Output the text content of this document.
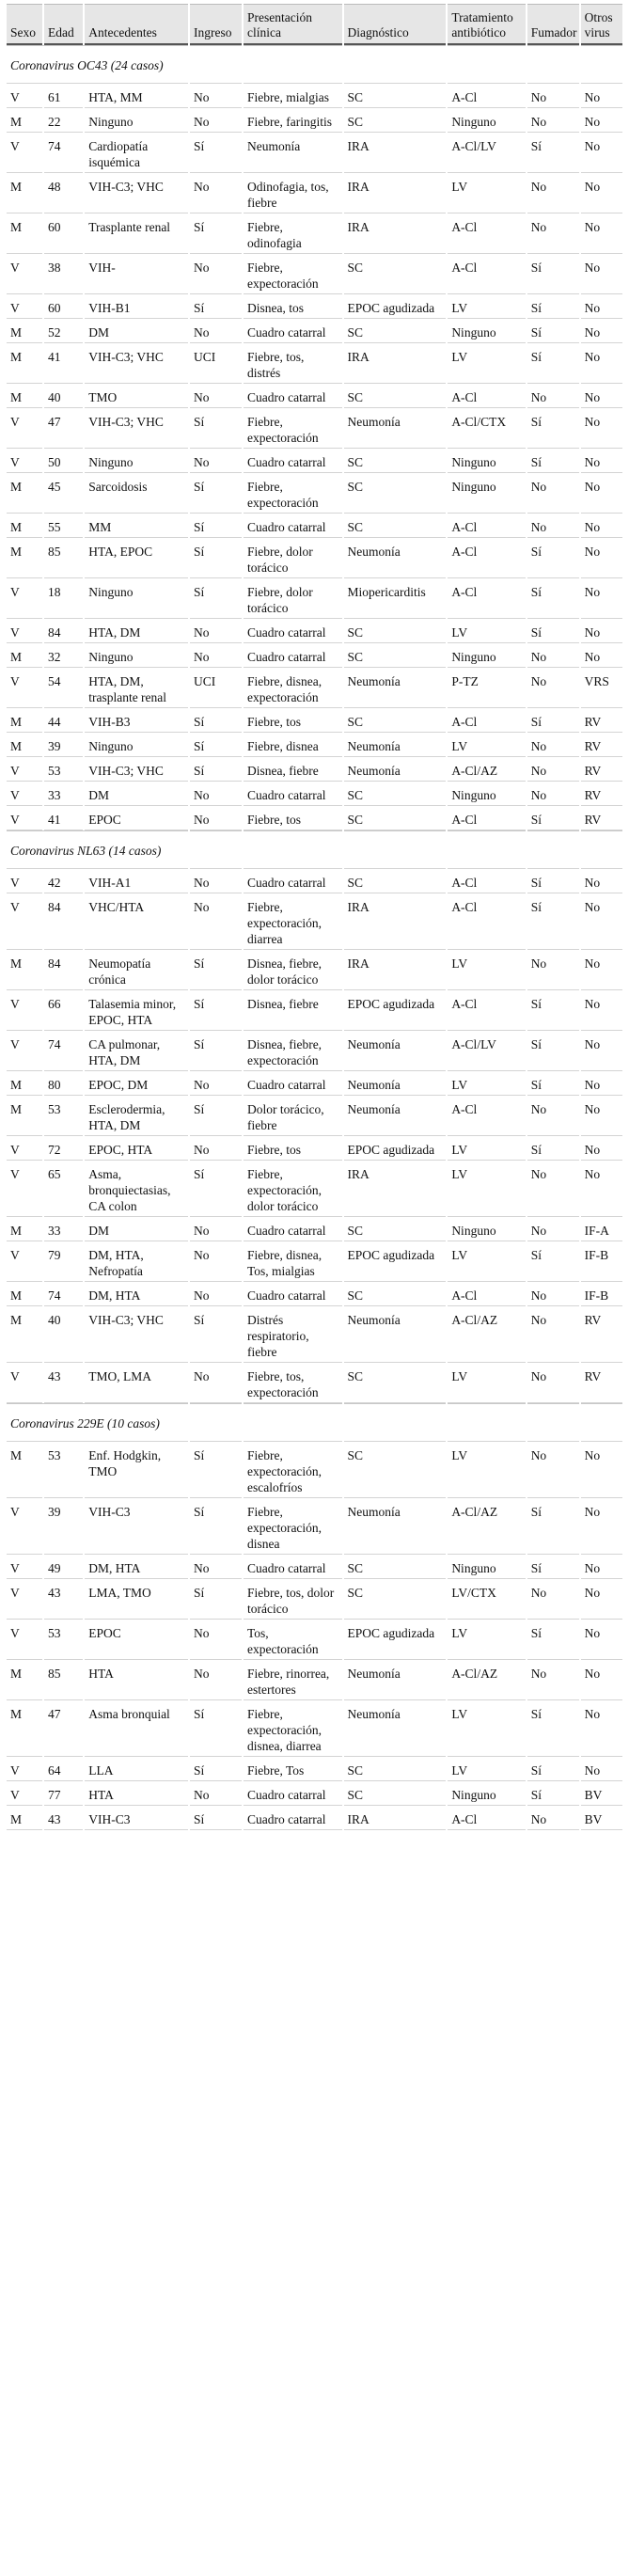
Sexo	Edad	Antecedentes	Ingreso	Presentación clínica	Diagnóstico	Tratamiento antibiótico	Fumador	Otros virus
Coronavirus OC43 (24 casos)								
V	61	HTA, MM	No	Fiebre, mialgias	SC	A-Cl	No	No
M	22	Ninguno	No	Fiebre, faringitis	SC	Ninguno	No	No
V	74	Cardiopatía isquémica	Sí	Neumonía	IRA	A-Cl/LV	Sí	No
M	48	VIH-C3; VHC	No	Odinofagia, tos, fiebre	IRA	LV	No	No
M	60	Trasplante renal	Sí	Fiebre, odinofagia	IRA	A-Cl	No	No
V	38	VIH-	No	Fiebre, expectoración	SC	A-Cl	Sí	No
V	60	VIH-B1	Sí	Disnea, tos	EPOC agudizada	LV	Sí	No
M	52	DM	No	Cuadro catarral	SC	Ninguno	Sí	No
M	41	VIH-C3; VHC	UCI	Fiebre, tos, distrés	IRA	LV	Sí	No
M	40	TMO	No	Cuadro catarral	SC	A-Cl	No	No
V	47	VIH-C3; VHC	Sí	Fiebre, expectoración	Neumonía	A-Cl/CTX	Sí	No
V	50	Ninguno	No	Cuadro catarral	SC	Ninguno	Sí	No
M	45	Sarcoidosis	Sí	Fiebre, expectoración	SC	Ninguno	No	No
M	55	MM	Sí	Cuadro catarral	SC	A-Cl	No	No
M	85	HTA, EPOC	Sí	Fiebre, dolor torácico	Neumonía	A-Cl	Sí	No
V	18	Ninguno	Sí	Fiebre, dolor torácico	Miopericarditis	A-Cl	Sí	No
V	84	HTA, DM	No	Cuadro catarral	SC	LV	Sí	No
M	32	Ninguno	No	Cuadro catarral	SC	Ninguno	No	No
V	54	HTA, DM, trasplante renal	UCI	Fiebre, disnea, expectoración	Neumonía	P-TZ	No	VRS
M	44	VIH-B3	Sí	Fiebre, tos	SC	A-Cl	Sí	RV
M	39	Ninguno	Sí	Fiebre, disnea	Neumonía	LV	No	RV
V	53	VIH-C3; VHC	Sí	Disnea, fiebre	Neumonía	A-Cl/AZ	No	RV
V	33	DM	No	Cuadro catarral	SC	Ninguno	No	RV
V	41	EPOC	No	Fiebre, tos	SC	A-Cl	Sí	RV
Coronavirus NL63 (14 casos)								
V	42	VIH-A1	No	Cuadro catarral	SC	A-Cl	Sí	No
V	84	VHC/HTA	No	Fiebre, expectoración, diarrea	IRA	A-Cl	Sí	No
M	84	Neumopatía crónica	Sí	Disnea, fiebre, dolor torácico	IRA	LV	No	No
V	66	Talasemia minor, EPOC, HTA	Sí	Disnea, fiebre	EPOC agudizada	A-Cl	Sí	No
V	74	CA pulmonar, HTA, DM	Sí	Disnea, fiebre, expectoración	Neumonía	A-Cl/LV	Sí	No
M	80	EPOC, DM	No	Cuadro catarral	Neumonía	LV	Sí	No
M	53	Esclerodermia, HTA, DM	Sí	Dolor torácico, fiebre	Neumonía	A-Cl	No	No
V	72	EPOC, HTA	No	Fiebre, tos	EPOC agudizada	LV	Sí	No
V	65	Asma, bronquiectasias, CA colon	Sí	Fiebre, expectoración, dolor torácico	IRA	LV	No	No
M	33	DM	No	Cuadro catarral	SC	Ninguno	No	IF-A
V	79	DM, HTA, Nefropatía	No	Fiebre, disnea, Tos, mialgias	EPOC agudizada	LV	Sí	IF-B
M	74	DM, HTA	No	Cuadro catarral	SC	A-Cl	No	IF-B
M	40	VIH-C3; VHC	Sí	Distrés respiratorio, fiebre	Neumonía	A-Cl/AZ	No	RV
V	43	TMO, LMA	No	Fiebre, tos, expectoración	SC	LV	No	RV
Coronavirus 229E (10 casos)								
M	53	Enf. Hodgkin, TMO	Sí	Fiebre, expectoración, escalofríos	SC	LV	No	No
V	39	VIH-C3	Sí	Fiebre, expectoración, disnea	Neumonía	A-Cl/AZ	Sí	No
V	49	DM, HTA	No	Cuadro catarral	SC	Ninguno	Sí	No
V	43	LMA, TMO	Sí	Fiebre, tos, dolor torácico	SC	LV/CTX	No	No
V	53	EPOC	No	Tos, expectoración	EPOC agudizada	LV	Sí	No
M	85	HTA	No	Fiebre, rinorrea, estertores	Neumonía	A-Cl/AZ	No	No
M	47	Asma bronquial	Sí	Fiebre, expectoración, disnea, diarrea	Neumonía	LV	Sí	No
V	64	LLA	Sí	Fiebre, Tos	SC	LV	Sí	No
V	77	HTA	No	Cuadro catarral	SC	Ninguno	Sí	BV
M	43	VIH-C3	Sí	Cuadro catarral	IRA	A-Cl	No	BV
